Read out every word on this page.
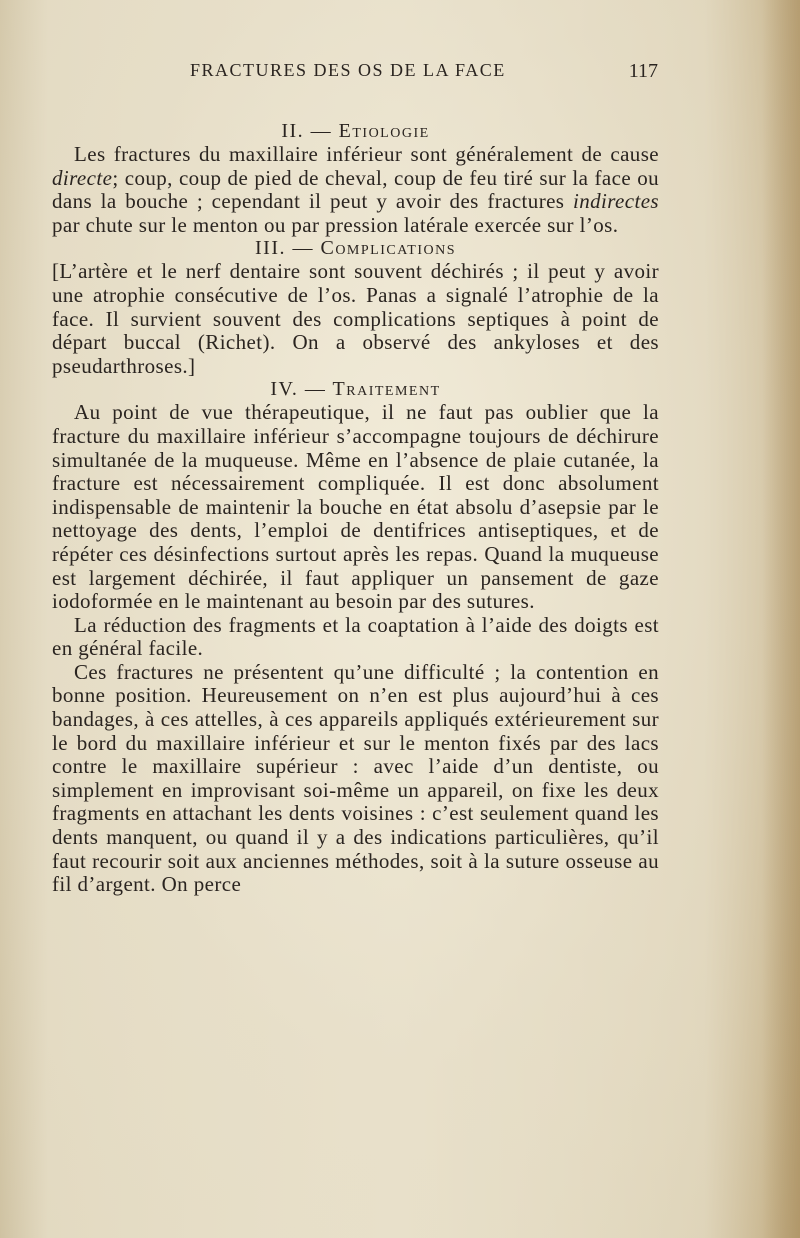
FRACTURES DES OS DE LA FACE	117
II. — Etiologie

Les fractures du maxillaire inférieur sont généralement de cause directe; coup, coup de pied de cheval, coup de feu tiré sur la face ou dans la bouche ; cependant il peut y avoir des fractures indirectes par chute sur le menton ou par pression latérale exercée sur l’os.

III. — Complications

[L’artère et le nerf dentaire sont souvent déchirés ; il peut y avoir une atrophie consécutive de l’os. Panas a signalé l’atrophie de la face. Il survient souvent des complications septiques à point de départ buccal (Richet). On a observé des ankyloses et des pseudarthroses.]

IV. — Traitement

Au point de vue thérapeutique, il ne faut pas oublier que la fracture du maxillaire inférieur s’accompagne toujours de déchirure simultanée de la muqueuse. Même en l’absence de plaie cutanée, la fracture est nécessairement compliquée. Il est donc absolument indispensable de maintenir la bouche en état absolu d’asepsie par le nettoyage des dents, l’emploi de dentifrices antiseptiques, et de répéter ces désinfections surtout après les repas. Quand la muqueuse est largement déchirée, il faut appliquer un pansement de gaze iodoformée en le maintenant au besoin par des sutures.

La réduction des fragments et la coaptation à l’aide des doigts est en général facile.

Ces fractures ne présentent qu’une difficulté ; la contention en bonne position. Heureusement on n’en est plus aujourd’hui à ces bandages, à ces attelles, à ces appareils appliqués extérieurement sur le bord du maxillaire inférieur et sur le menton fixés par des lacs contre le maxillaire supérieur : avec l’aide d’un dentiste, ou simplement en improvisant soi-même un appareil, on fixe les deux fragments en attachant les dents voisines : c’est seulement quand les dents manquent, ou quand il y a des indications particulières, qu’il faut recourir soit aux anciennes méthodes, soit à la suture osseuse au fil d’argent. On perce
